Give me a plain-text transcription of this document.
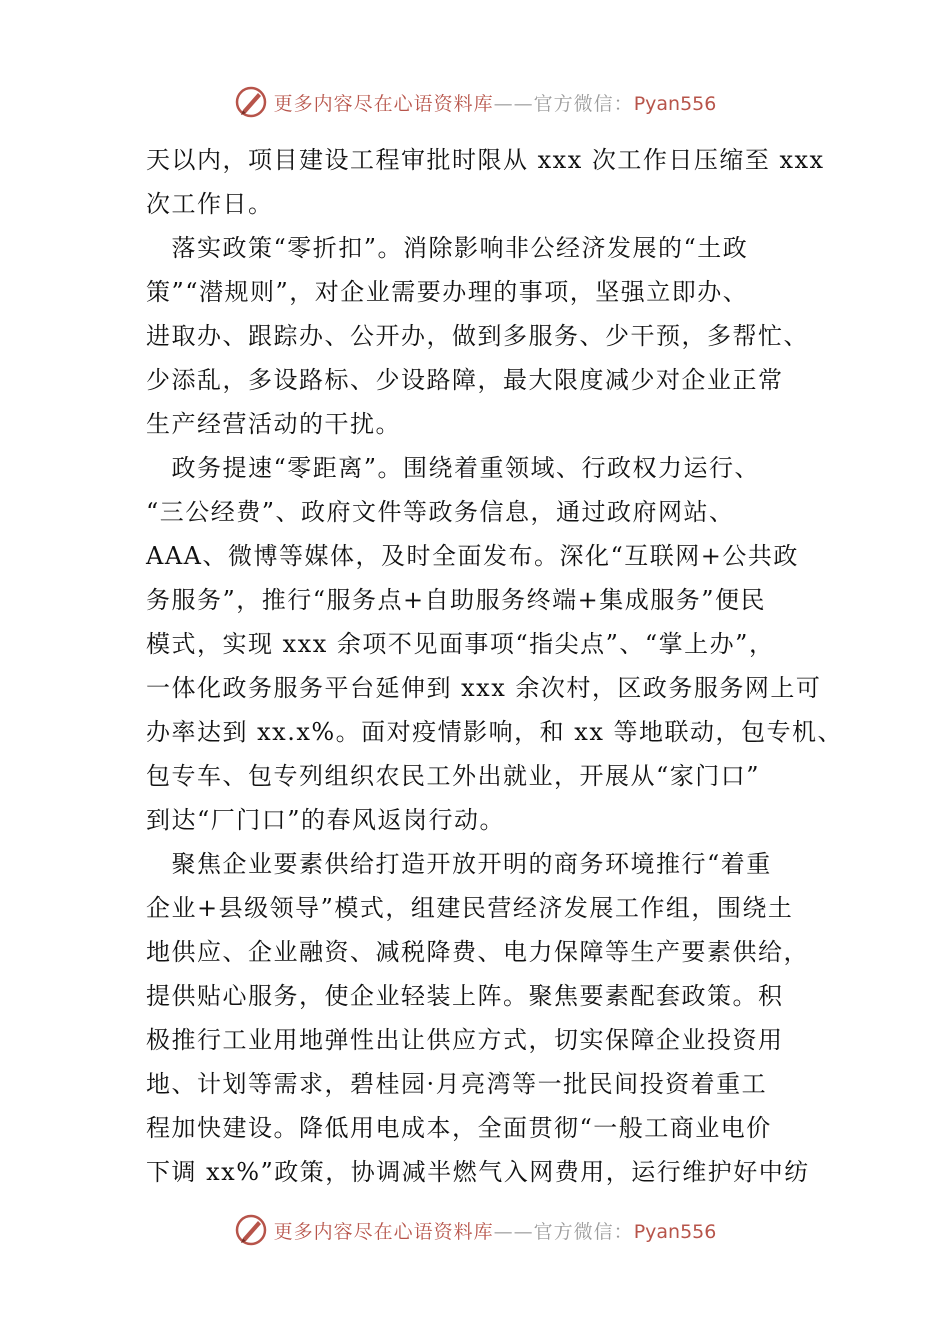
更多内容尽在心语资料库——官方微信：Pyan556
天以内，项目建设工程审批时限从 xxx 次工作日压缩至 xxx
次工作日。
　落实政策“零折扣”。消除影响非公经济发展的“土政
策”“潜规则”，对企业需要办理的事项，坚强立即办、
进取办、跟踪办、公开办，做到多服务、少干预，多帮忙、
少添乱，多设路标、少设路障，最大限度减少对企业正常
生产经营活动的干扰。
　政务提速“零距离”。围绕着重领域、行政权力运行、
“三公经费”、政府文件等政务信息，通过政府网站、
AAA、微博等媒体，及时全面发布。深化“互联网+公共政
务服务”，推行“服务点+自助服务终端+集成服务”便民
模式，实现 xxx 余项不见面事项“指尖点”、“掌上办”，
一体化政务服务平台延伸到 xxx 余次村，区政务服务网上可
办率达到 xx.x%。面对疫情影响，和 xx 等地联动，包专机、
包专车、包专列组织农民工外出就业，开展从“家门口”
到达“厂门口”的春风返岗行动。
　聚焦企业要素供给打造开放开明的商务环境推行“着重
企业+县级领导”模式，组建民营经济发展工作组，围绕土
地供应、企业融资、减税降费、电力保障等生产要素供给，
提供贴心服务，使企业轻装上阵。聚焦要素配套政策。积
极推行工业用地弹性出让供应方式，切实保障企业投资用
地、计划等需求，碧桂园·月亮湾等一批民间投资着重工
程加快建设。降低用电成本，全面贯彻“一般工商业电价
下调 xx%”政策，协调减半燃气入网费用，运行维护好中纺
更多内容尽在心语资料库——官方微信：Pyan556
